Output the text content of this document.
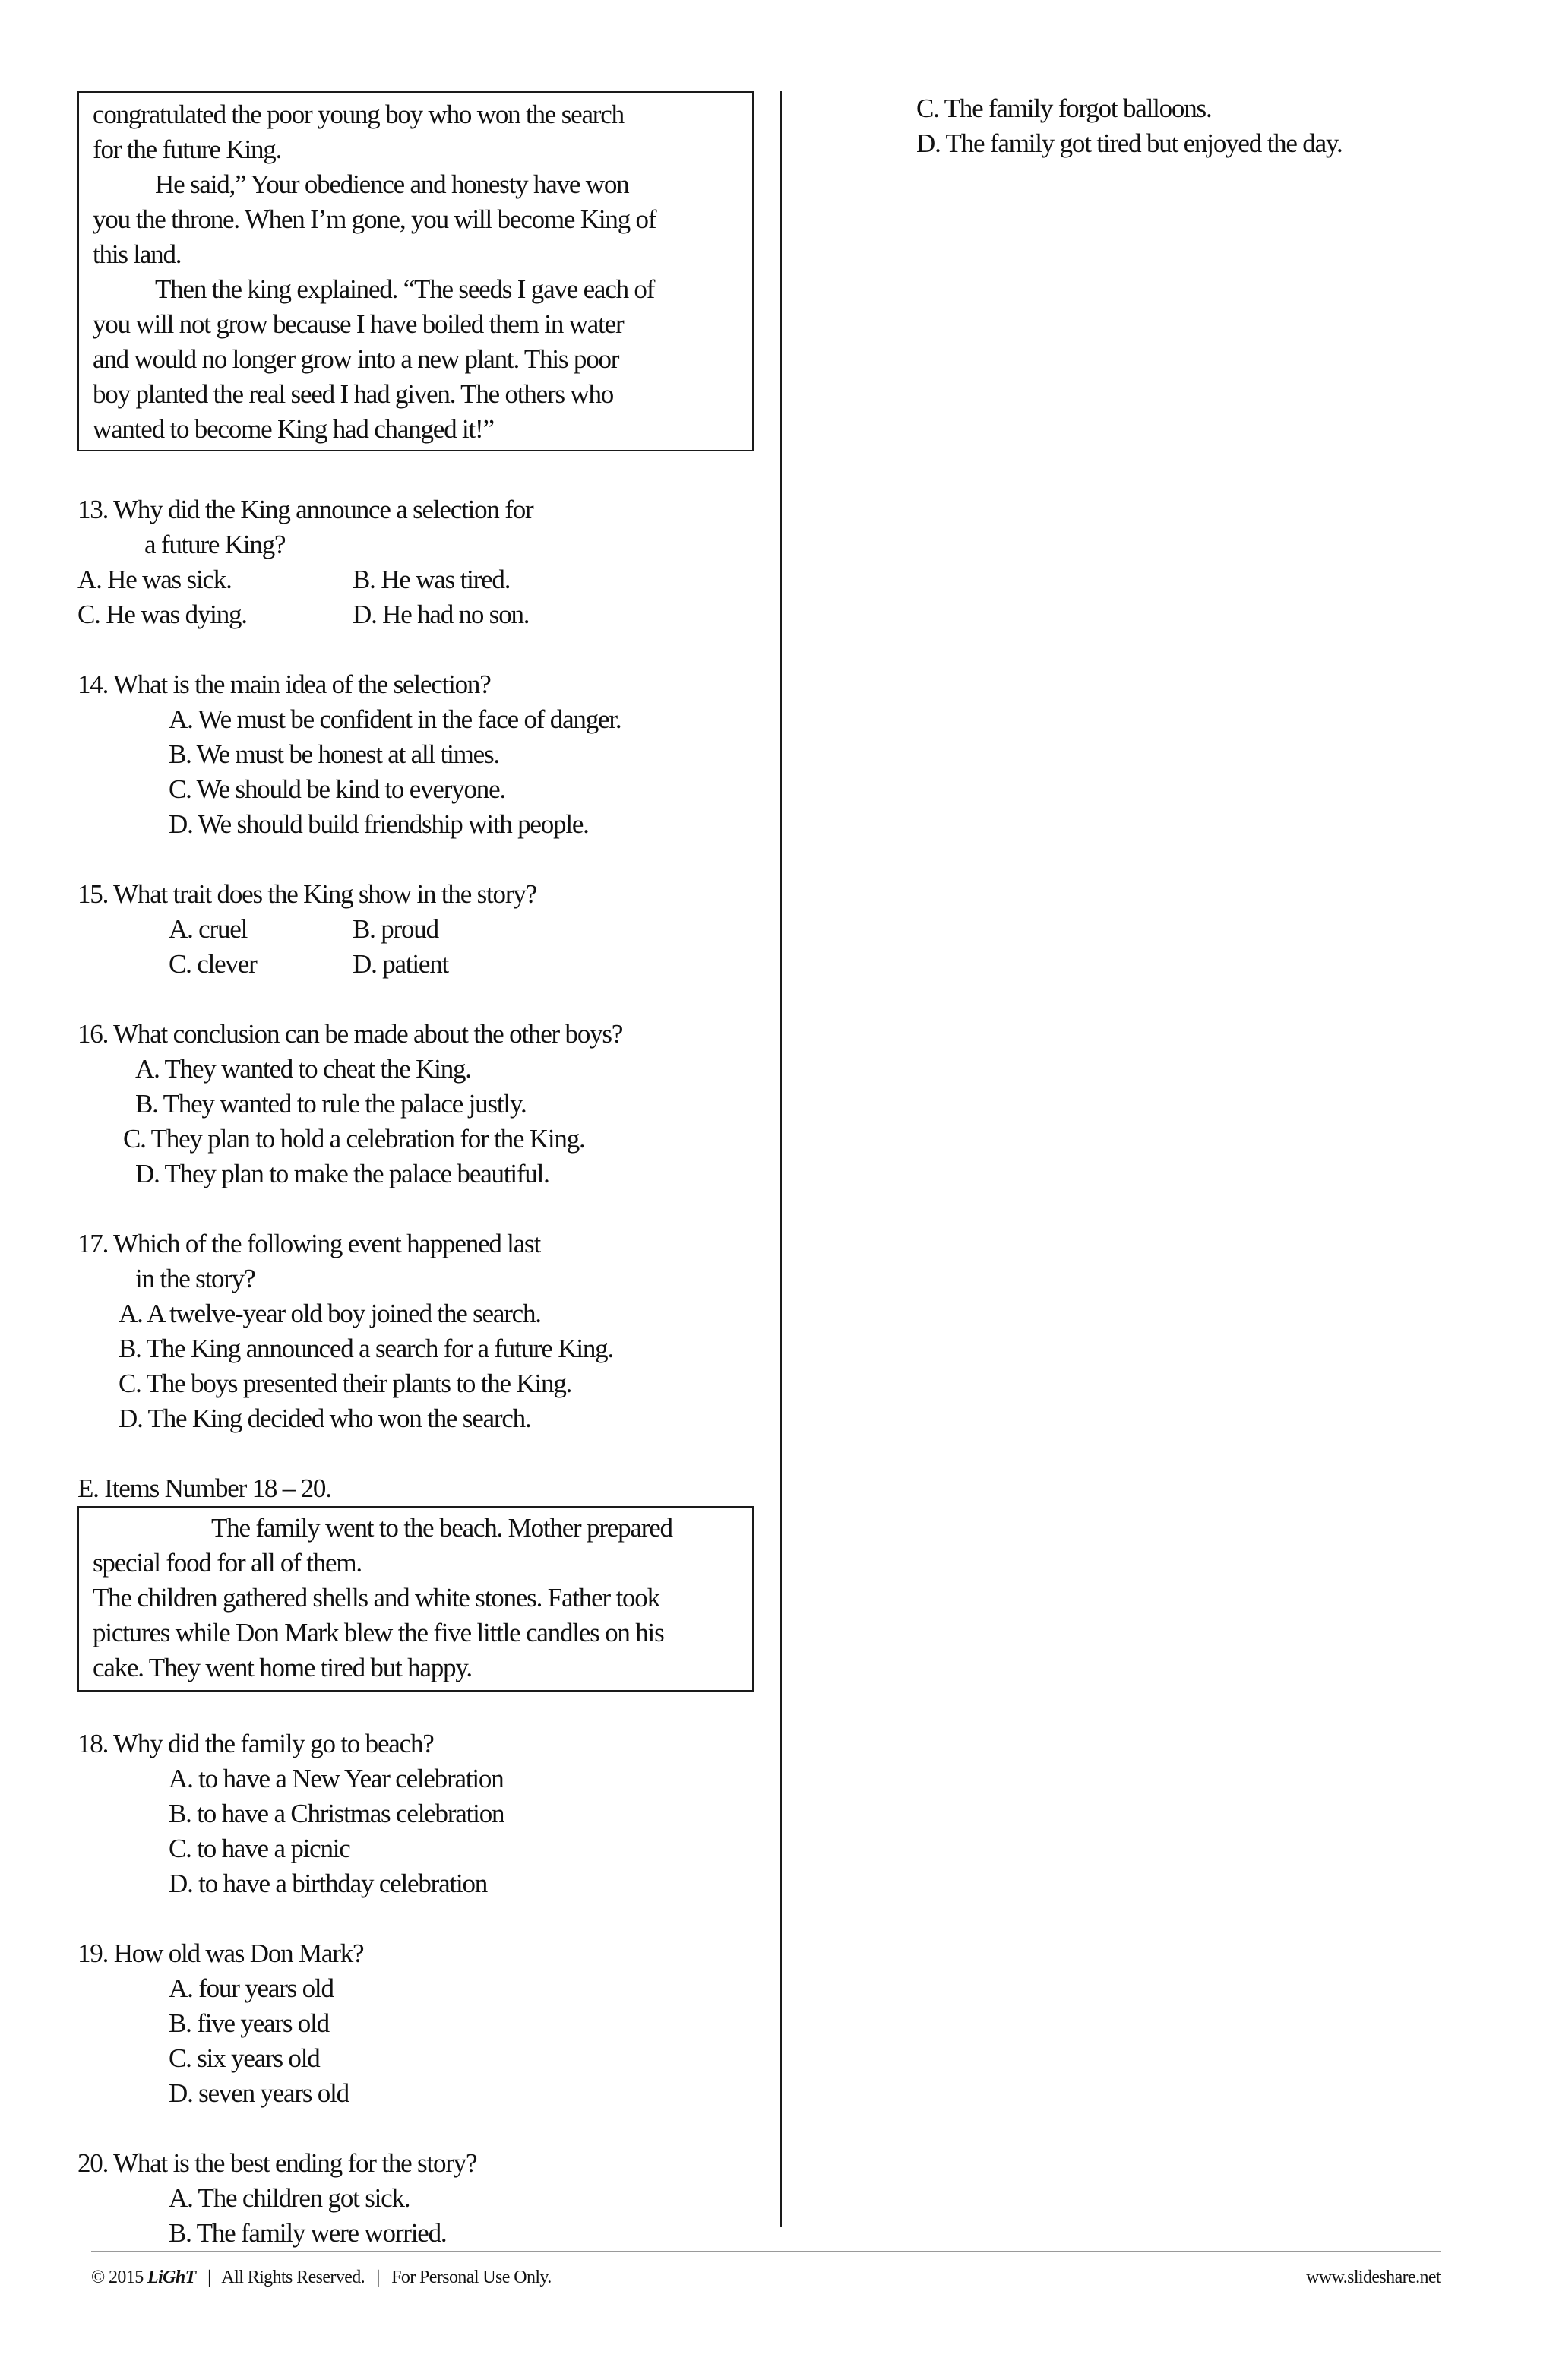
congratulated the poor young boy who won the search

for the future King.

He said,” Your obedience and honesty have won

you the throne. When I’m gone, you will become King of

this land.

Then the king explained. “The seeds I gave each of

you will not grow because I have boiled them in water

and would no longer grow into a new plant. This poor

boy planted the real seed I had given. The others who

wanted to become King had changed it!”

13. Why did the King announce a selection for
a future King?
A. He was sick.	B. He was tired.
C. He was dying.	D. He had no son.
14. What is the main idea of the selection?
A. We must be confident in the face of danger.
B. We must be honest at all times.
C. We should be kind to everyone.
D. We should build friendship with people.
15. What trait does the King show in the story?
A. cruel	B. proud
C. clever	D. patient
16. What conclusion can be made about the other boys?
A. They wanted to cheat the King.
B. They wanted to rule the palace justly.
C. They plan to hold a celebration for the King.
D. They plan to make the palace beautiful.
17. Which of the following event happened last
in the story?
A. A twelve-year old boy joined the search.
B. The King announced a search for a future King.
C. The boys presented their plants to the King.
D. The King decided who won the search.
E. Items Number 18 – 20.

The family went to the beach. Mother prepared

special food for all of them.

The children gathered shells and white stones. Father took

pictures while Don Mark blew the five little candles on his

cake. They went home tired but happy.

18. Why did the family go to beach?
A. to have a New Year celebration
B. to have a Christmas celebration
C. to have a picnic
D. to have a birthday celebration
19. How old was Don Mark?
A. four years old
B. five years old
C. six years old
D. seven years old
20. What is the best ending for the story?
A. The children got sick.
B. The family were worried.
C. The family forgot balloons.
D. The family got tired but enjoyed the day.
© 2015 LiGhT | All Rights Reserved. | For Personal Use Only.	www.slideshare.net
